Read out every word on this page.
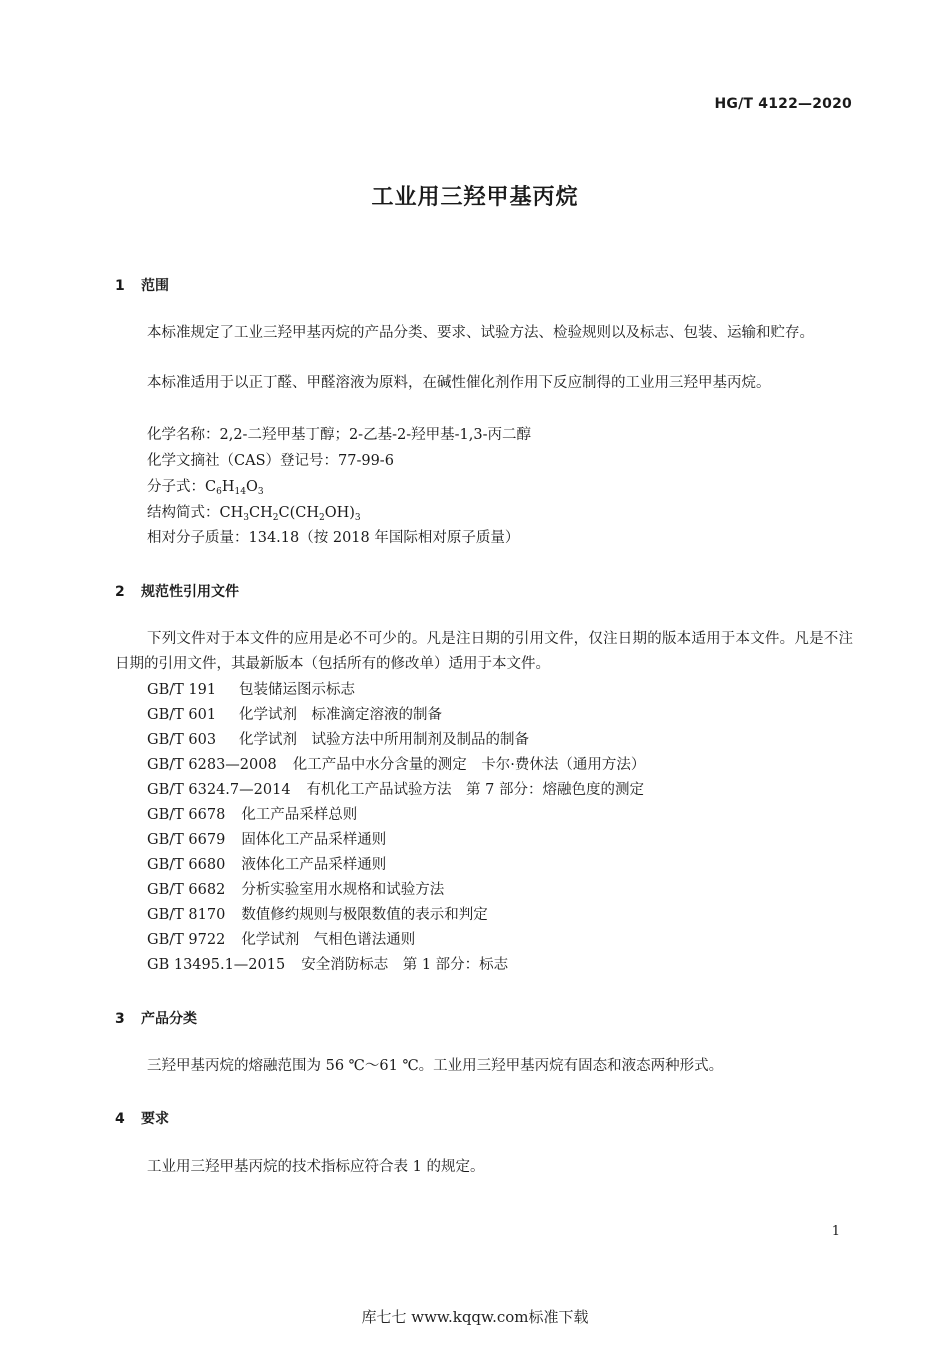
HG/T 4122—2020
工业用三羟甲基丙烷
1 范围
本标准规定了工业三羟甲基丙烷的产品分类、要求、试验方法、检验规则以及标志、包装、运输和贮存。
本标准适用于以正丁醛、甲醛溶液为原料，在碱性催化剂作用下反应制得的工业用三羟甲基丙烷。
化学名称：2,2-二羟甲基丁醇；2-乙基-2-羟甲基-1,3-丙二醇
化学文摘社（CAS）登记号：77-99-6
分子式：$C_6H_{14}O_3$
结构简式：$CH_3CH_2C(CH_2OH)_3$
相对分子质量：134.18（按 2018 年国际相对原子质量）
2 规范性引用文件
下列文件对于本文件的应用是必不可少的。凡是注日期的引用文件，仅注日期的版本适用于本文件。凡是不注日期的引用文件，其最新版本（包括所有的修改单）适用于本文件。
GB/T 191 包装储运图示标志
GB/T 601 化学试剂　标准滴定溶液的制备
GB/T 603 化学试剂　试验方法中所用制剂及制品的制备
GB/T 6283—2008 化工产品中水分含量的测定　卡尔·费休法（通用方法）
GB/T 6324.7—2014 有机化工产品试验方法　第 7 部分：熔融色度的测定
GB/T 6678 化工产品采样总则
GB/T 6679 固体化工产品采样通则
GB/T 6680 液体化工产品采样通则
GB/T 6682 分析实验室用水规格和试验方法
GB/T 8170 数值修约规则与极限数值的表示和判定
GB/T 9722 化学试剂　气相色谱法通则
GB 13495.1—2015 安全消防标志　第 1 部分：标志
3 产品分类
三羟甲基丙烷的熔融范围为 56 ℃～61 ℃。工业用三羟甲基丙烷有固态和液态两种形式。
4 要求
工业用三羟甲基丙烷的技术指标应符合表 1 的规定。
1
库七七 www.kqqw.com标准下载
